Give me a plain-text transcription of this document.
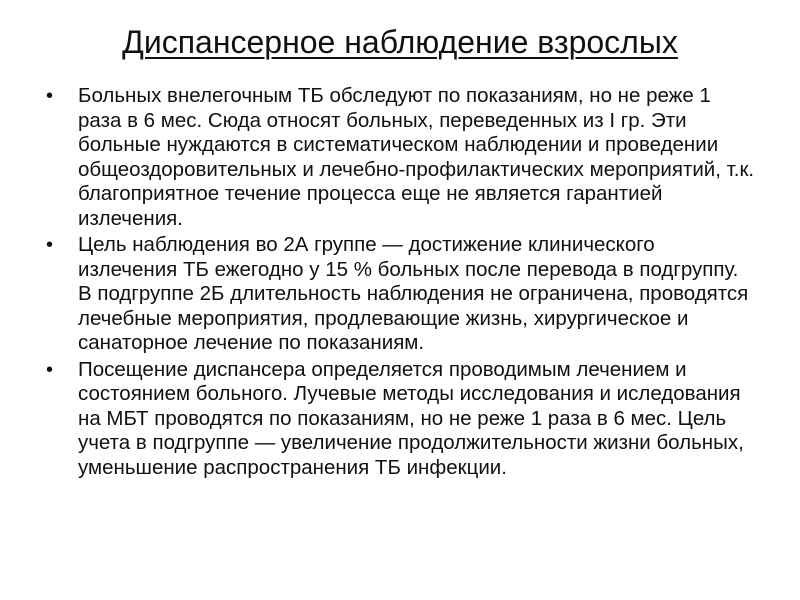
Диспансерное наблюдение взрослых
• Больных внелегочным ТБ обследуют по показаниям, но не реже 1 раза в 6 мес. Сюда относят больных, переведенных из I гр. Эти больные нуждаются в систематическом наблюдении и проведении общеоздоровительных и лечебно-профилактических мероприятий, т.к. благоприятное течение процесса еще не является гарантией излечения.
• Цель наблюдения во 2А группе — достижение клинического излечения ТБ ежегодно у 15 % больных после перевода в подгруппу. В подгруппе 2Б длительность наблюдения не ограничена, проводятся лечебные мероприятия, продлевающие жизнь, хирургическое и санаторное лечение по показаниям.
• Посещение диспансера определяется проводимым лечением и состоянием больного. Лучевые методы исследования и иследования на МБТ проводятся по показаниям, но не реже 1 раза в 6 мес. Цель учета в подгруппе — увеличение продолжительности жизни больных, уменьшение распространения ТБ инфекции.
